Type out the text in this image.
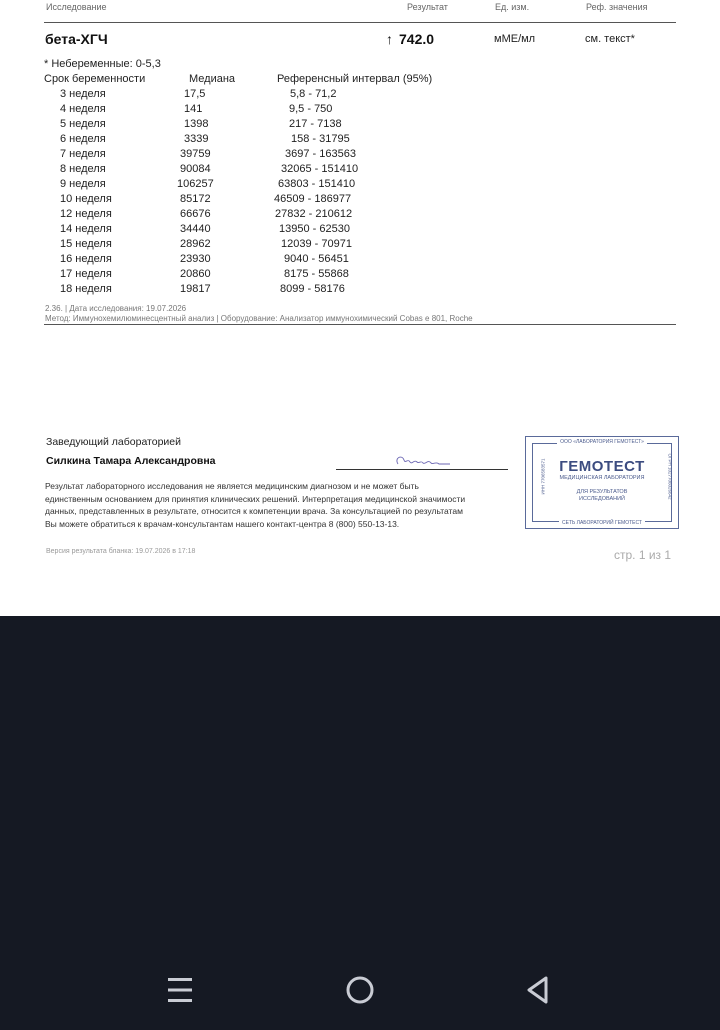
Исследование	Результат	Ед. изм.	Реф. значения
бета-ХГЧ	↑ 742.0	мМЕ/мл	см. текст*
* Небеременные: 0-5,3
Срок беременности	Медиана	Референсный интервал (95%)
3 неделя	17,5	5,8 - 71,2
4 неделя	141	9,5 - 750
5 неделя	1398	217 - 7138
6 неделя	3339	158 - 31795
7 неделя	39759	3697 - 163563
8 неделя	90084	32065 - 151410
9 неделя	106257	63803 - 151410
10 неделя	85172	46509 - 186977
12 неделя	66676	27832 - 210612
14 неделя	34440	13950 - 62530
15 неделя	28962	12039 - 70971
16 неделя	23930	9040 - 56451
17 неделя	20860	8175 - 55868
18 неделя	19817	8099 - 58176
2.36. | Дата исследования: 19.07.2026
Метод: Иммунохемилюминесцентный анализ | Оборудование: Анализатор иммунохимический Cobas e 801, Roche
Заведующий лабораторией
Силкина Тамара Александровна

Результат лабораторного исследования не является медицинским диагнозом и не может быть

единственным основанием для принятия клинических решений. Интерпретация медицинской значимости

данных, представленных в результате, относится к компетенции врача. За консультацией по результатам

Вы можете обратиться к врачам-консультантам нашего контакт-центра 8 (800) 550-13-13.

ООО «ЛАБОРАТОРИЯ ГЕМОТЕСТ»
ГЕМОТЕСТ
МЕДИЦИНСКАЯ ЛАБОРАТОРИЯ
ДЛЯ РЕЗУЛЬТАТОВ
ИССЛЕДОВАНИЙ
СЕТЬ ЛАБОРАТОРИЙ ГЕМОТЕСТ
ИНН 7706583571	ОГРН 1027706026642
Версия результата бланка: 19.07.2026 в 17:18	стр. 1 из 1
